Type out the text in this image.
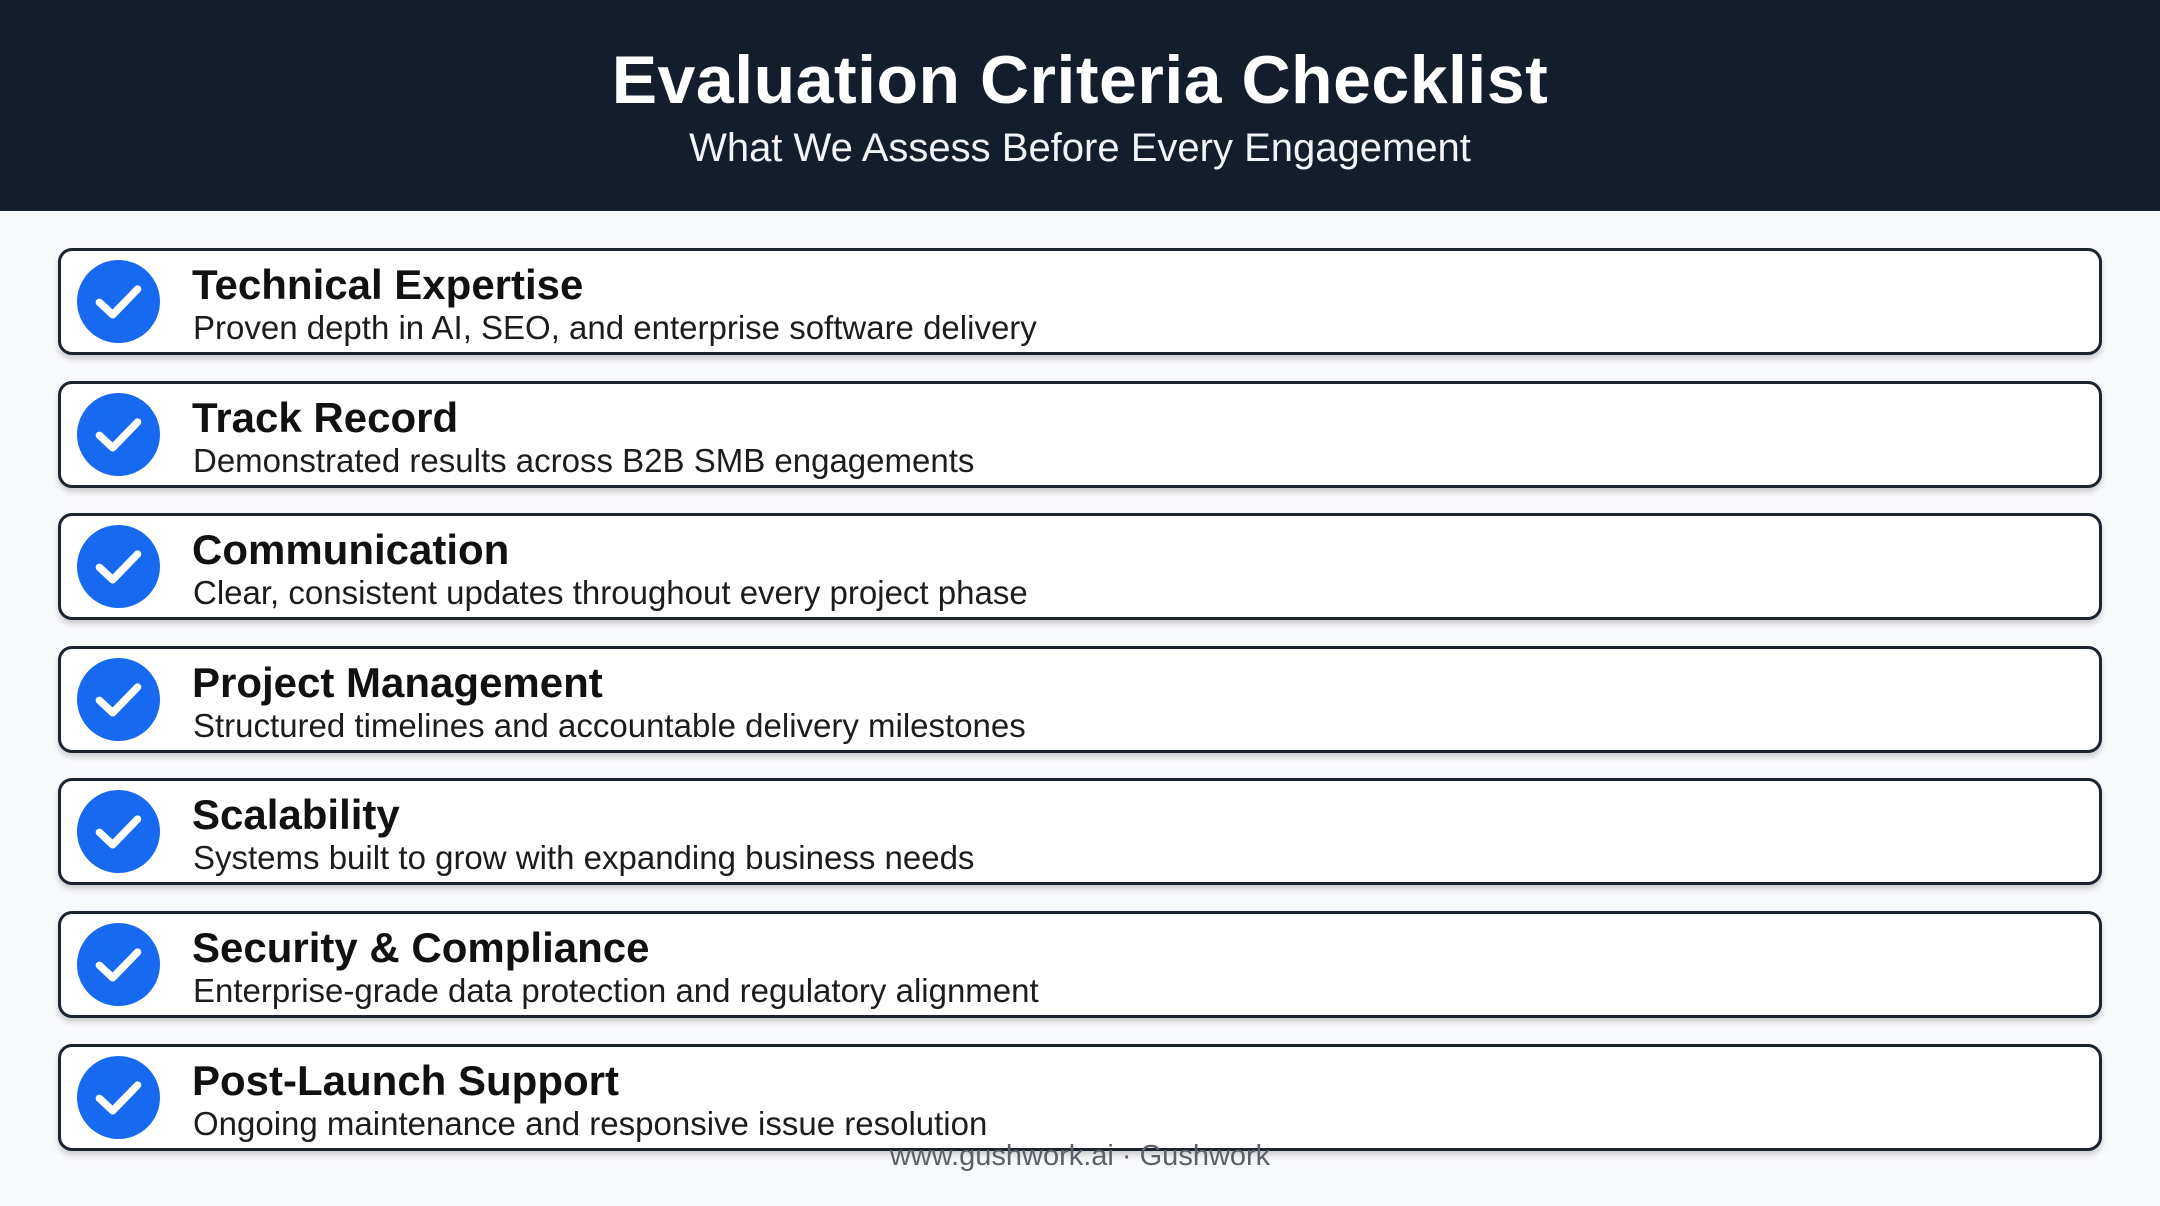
Evaluation Criteria Checklist
What We Assess Before Every Engagement
Technical Expertise
Proven depth in AI, SEO, and enterprise software delivery
Track Record
Demonstrated results across B2B SMB engagements
Communication
Clear, consistent updates throughout every project phase
Project Management
Structured timelines and accountable delivery milestones
Scalability
Systems built to grow with expanding business needs
Security & Compliance
Enterprise-grade data protection and regulatory alignment
Post-Launch Support
Ongoing maintenance and responsive issue resolution
www.gushwork.ai · Gushwork
